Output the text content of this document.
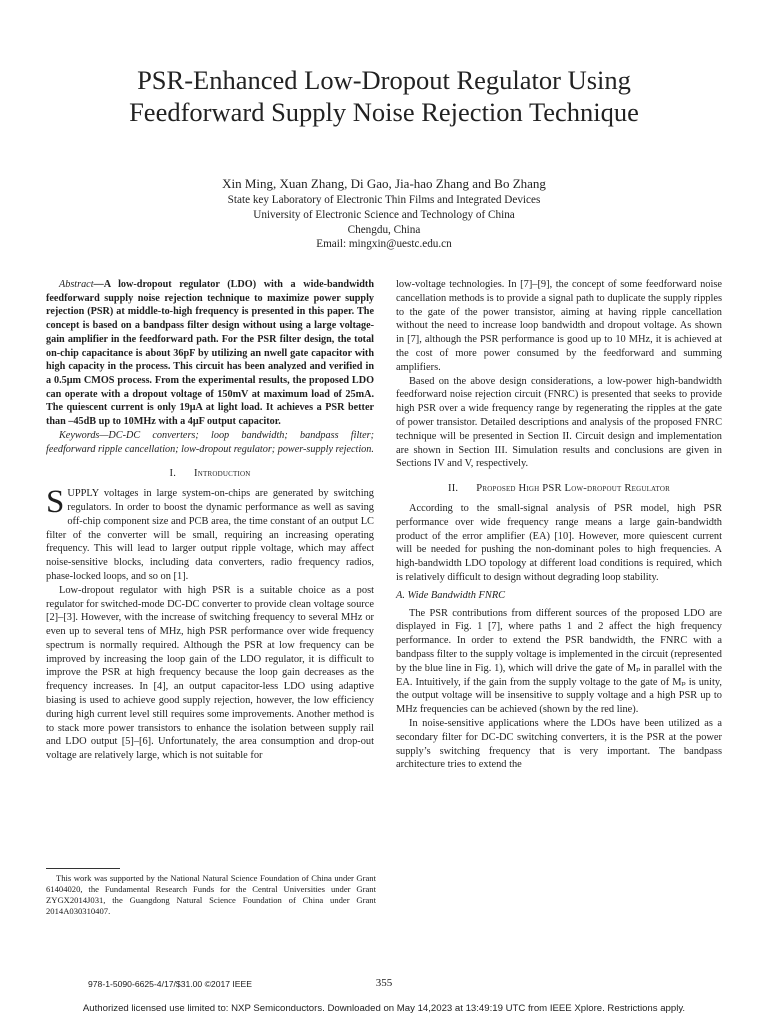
PSR-Enhanced Low-Dropout Regulator Using
Feedforward Supply Noise Rejection Technique
Xin Ming, Xuan Zhang, Di Gao, Jia-hao Zhang and Bo Zhang
State key Laboratory of Electronic Thin Films and Integrated Devices
University of Electronic Science and Technology of China
Chengdu, China
Email: mingxin@uestc.edu.cn

Abstract—A low-dropout regulator (LDO) with a wide-bandwidth feedforward supply noise rejection technique to maximize power supply rejection (PSR) at middle-to-high frequency is presented in this paper. The concept is based on a bandpass filter design without using a large voltage-gain amplifier in the feedforward path. For the PSR filter design, the total on-chip capacitance is about 36pF by utilizing an nwell gate capacitor with high capacity in the process. This circuit has been analyzed and verified in a 0.5μm CMOS process. From the experimental results, the proposed LDO can operate with a dropout voltage of 150mV at maximum load of 25mA. The quiescent current is only 19μA at light load. It achieves a PSR better than –45dB up to 10MHz with a 4μF output capacitor.

Keywords—DC-DC converters; loop bandwidth; bandpass filter; feedforward ripple cancellation; low-dropout regulator; power-supply rejection.

I. Introduction

SUPPLY voltages in large system-on-chips are generated by switching regulators. In order to boost the dynamic performance as well as saving off-chip component size and PCB area, the time constant of an output LC filter of the converter will be small, requiring an increasing operating frequency. This will lead to larger output ripple voltage, which may affect noise-sensitive blocks, including data converters, radio frequency radios, phase-locked loops, and so on [1].

Low-dropout regulator with high PSR is a suitable choice as a post regulator for switched-mode DC-DC converter to provide clean voltage source [2]–[3]. However, with the increase of switching frequency to several MHz or even up to several tens of MHz, high PSR performance over wide frequency spectrum is normally required. Although the PSR at low frequency can be improved by increasing the loop gain of the LDO regulator, it is difficult to improve the PSR at high frequency because the loop gain decreases as the frequency increases. In [4], an output capacitor-less LDO using adaptive biasing is used to achieve good supply rejection, however, the low efficiency during high current level still requires some improvements. Another method is to stack more power transistors to enhance the isolation between supply rail and LDO output [5]–[6]. Unfortunately, the area consumption and drop-out voltage are relatively large, which is not suitable for

low-voltage technologies. In [7]–[9], the concept of some feedforward noise cancellation methods is to provide a signal path to duplicate the supply ripples to the gate of the power transistor, aiming at having ripple cancellation without the need to increase loop bandwidth and dropout voltage. As shown in [7], although the PSR performance is good up to 10 MHz, it is achieved at the cost of more power consumed by the feedforward and summing amplifiers.

Based on the above design considerations, a low-power high-bandwidth feedforward noise rejection circuit (FNRC) is presented that seeks to provide high PSR over a wide frequency range by regenerating the ripples at the gate of power transistor. Detailed descriptions and analysis of the proposed FNRC technique will be presented in Section II. Circuit design and implementation are shown in Section III. Simulation results and conclusions are given in Sections IV and V, respectively.

II. Proposed High PSR Low-dropout Regulator

According to the small-signal analysis of PSR model, high PSR performance over wide frequency range means a large gain-bandwidth product of the error amplifier (EA) [10]. However, more quiescent current will be needed for pushing the non-dominant poles to high frequencies. A high-bandwidth LDO topology at different load conditions is required, which is relatively difficult to design without degrading loop stability.

A. Wide Bandwidth FNRC

The PSR contributions from different sources of the proposed LDO are displayed in Fig. 1 [7], where paths 1 and 2 affect the high frequency performance. In order to extend the PSR bandwidth, the FNRC with a bandpass filter to the supply voltage is implemented in the circuit (represented by the blue line in Fig. 1), which will drive the gate of Mₚ in parallel with the EA. Intuitively, if the gain from the supply voltage to the gate of Mₚ is unity, the output voltage will be insensitive to supply voltage and a high PSR up to MHz frequencies can be achieved (shown by the red line).

In noise-sensitive applications where the LDOs have been utilized as a secondary filter for DC-DC switching converters, it is the PSR at the power supply’s switching frequency that is very important. The bandpass architecture tries to extend the

This work was supported by the National Natural Science Foundation of China under Grant 61404020, the Fundamental Research Funds for the Central Universities under Grant ZYGX2014J031, the Guangdong Natural Science Foundation of China under Grant 2014A030310407.

978-1-5090-6625-4/17/$31.00 ©2017 IEEE	355
Authorized licensed use limited to: NXP Semiconductors. Downloaded on May 14,2023 at 13:49:19 UTC from IEEE Xplore. Restrictions apply.
